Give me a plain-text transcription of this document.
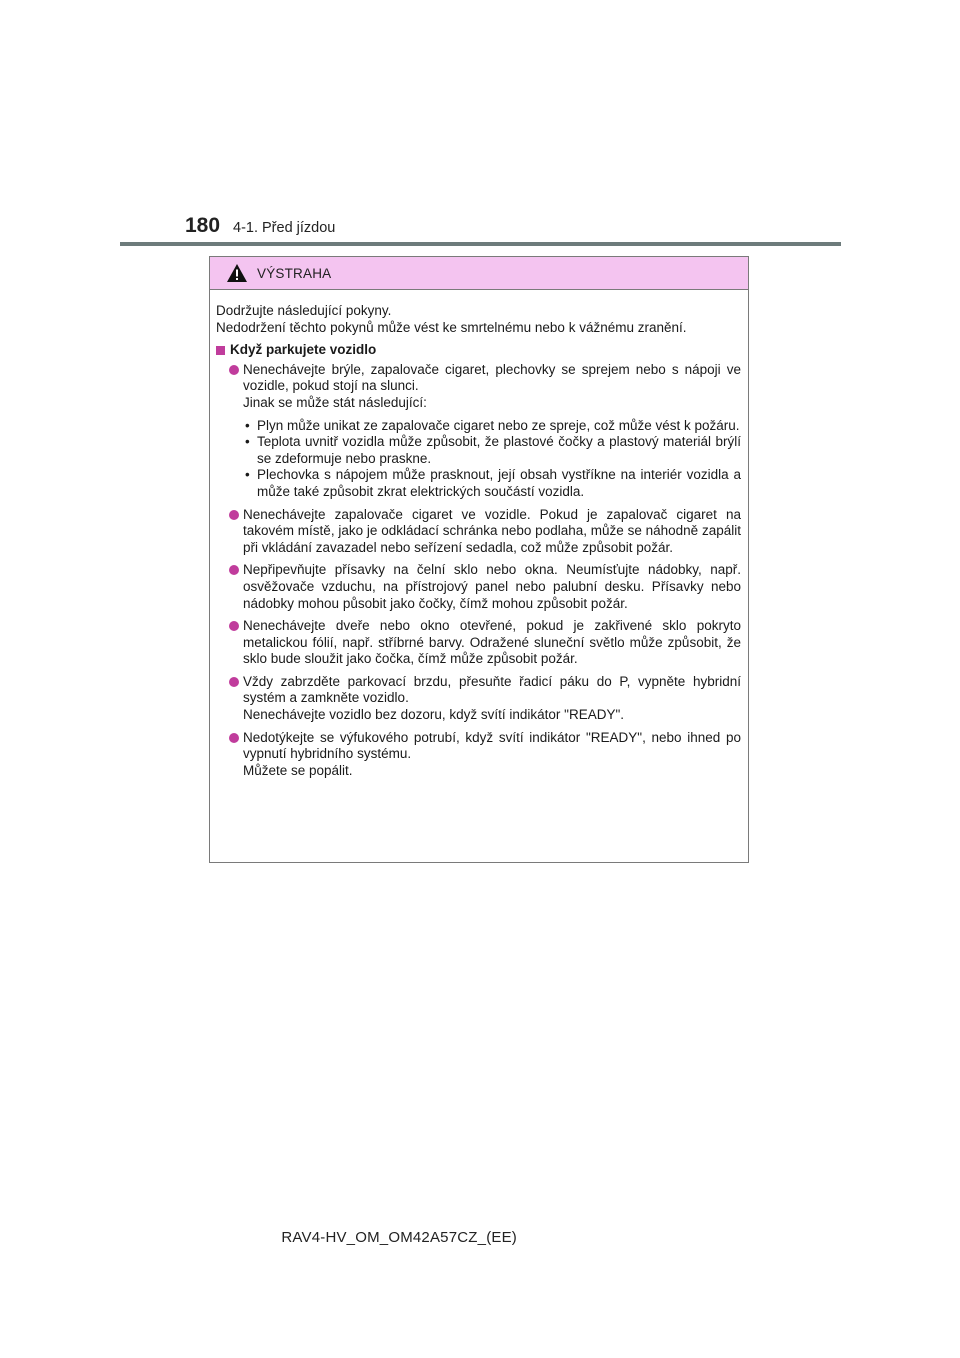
180 4-1. Před jízdou
VÝSTRAHA

Dodržujte následující pokyny.

Nedodržení těchto pokynů může vést ke smrtelnému nebo k vážnému zranění.

Když parkujete vozidlo

Nenechávejte brýle, zapalovače cigaret, plechovky se sprejem nebo s nápoji ve vozidle, pokud stojí na slunci.

Jinak se může stát následující:

• Plyn může unikat ze zapalovače cigaret nebo ze spreje, což může vést k požáru.
• Teplota uvnitř vozidla může způsobit, že plastové čočky a plastový materiál brýlí se zdeformuje nebo praskne.
• Plechovka s nápojem může prasknout, její obsah vystříkne na interiér vozidla a může také způsobit zkrat elektrických součástí vozidla.

Nenechávejte zapalovače cigaret ve vozidle. Pokud je zapalovač cigaret na takovém místě, jako je odkládací schránka nebo podlaha, může se náhodně zapálit při vkládání zavazadel nebo seřízení sedadla, což může způsobit požár.

Nepřipevňujte přísavky na čelní sklo nebo okna. Neumísťujte nádobky, např. osvěžovače vzduchu, na přístrojový panel nebo palubní desku. Přísavky nebo nádobky mohou působit jako čočky, čímž mohou způsobit požár.

Nenechávejte dveře nebo okno otevřené, pokud je zakřivené sklo pokryto metalickou fólií, např. stříbrné barvy. Odražené sluneční světlo může způsobit, že sklo bude sloužit jako čočka, čímž může způsobit požár.

Vždy zabrzděte parkovací brzdu, přesuňte řadicí páku do P, vypněte hybridní systém a zamkněte vozidlo.

Nenechávejte vozidlo bez dozoru, když svítí indikátor "READY".

Nedotýkejte se výfukového potrubí, když svítí indikátor "READY", nebo ihned po vypnutí hybridního systému.

Můžete se popálit.

RAV4-HV_OM_OM42A57CZ_(EE)
